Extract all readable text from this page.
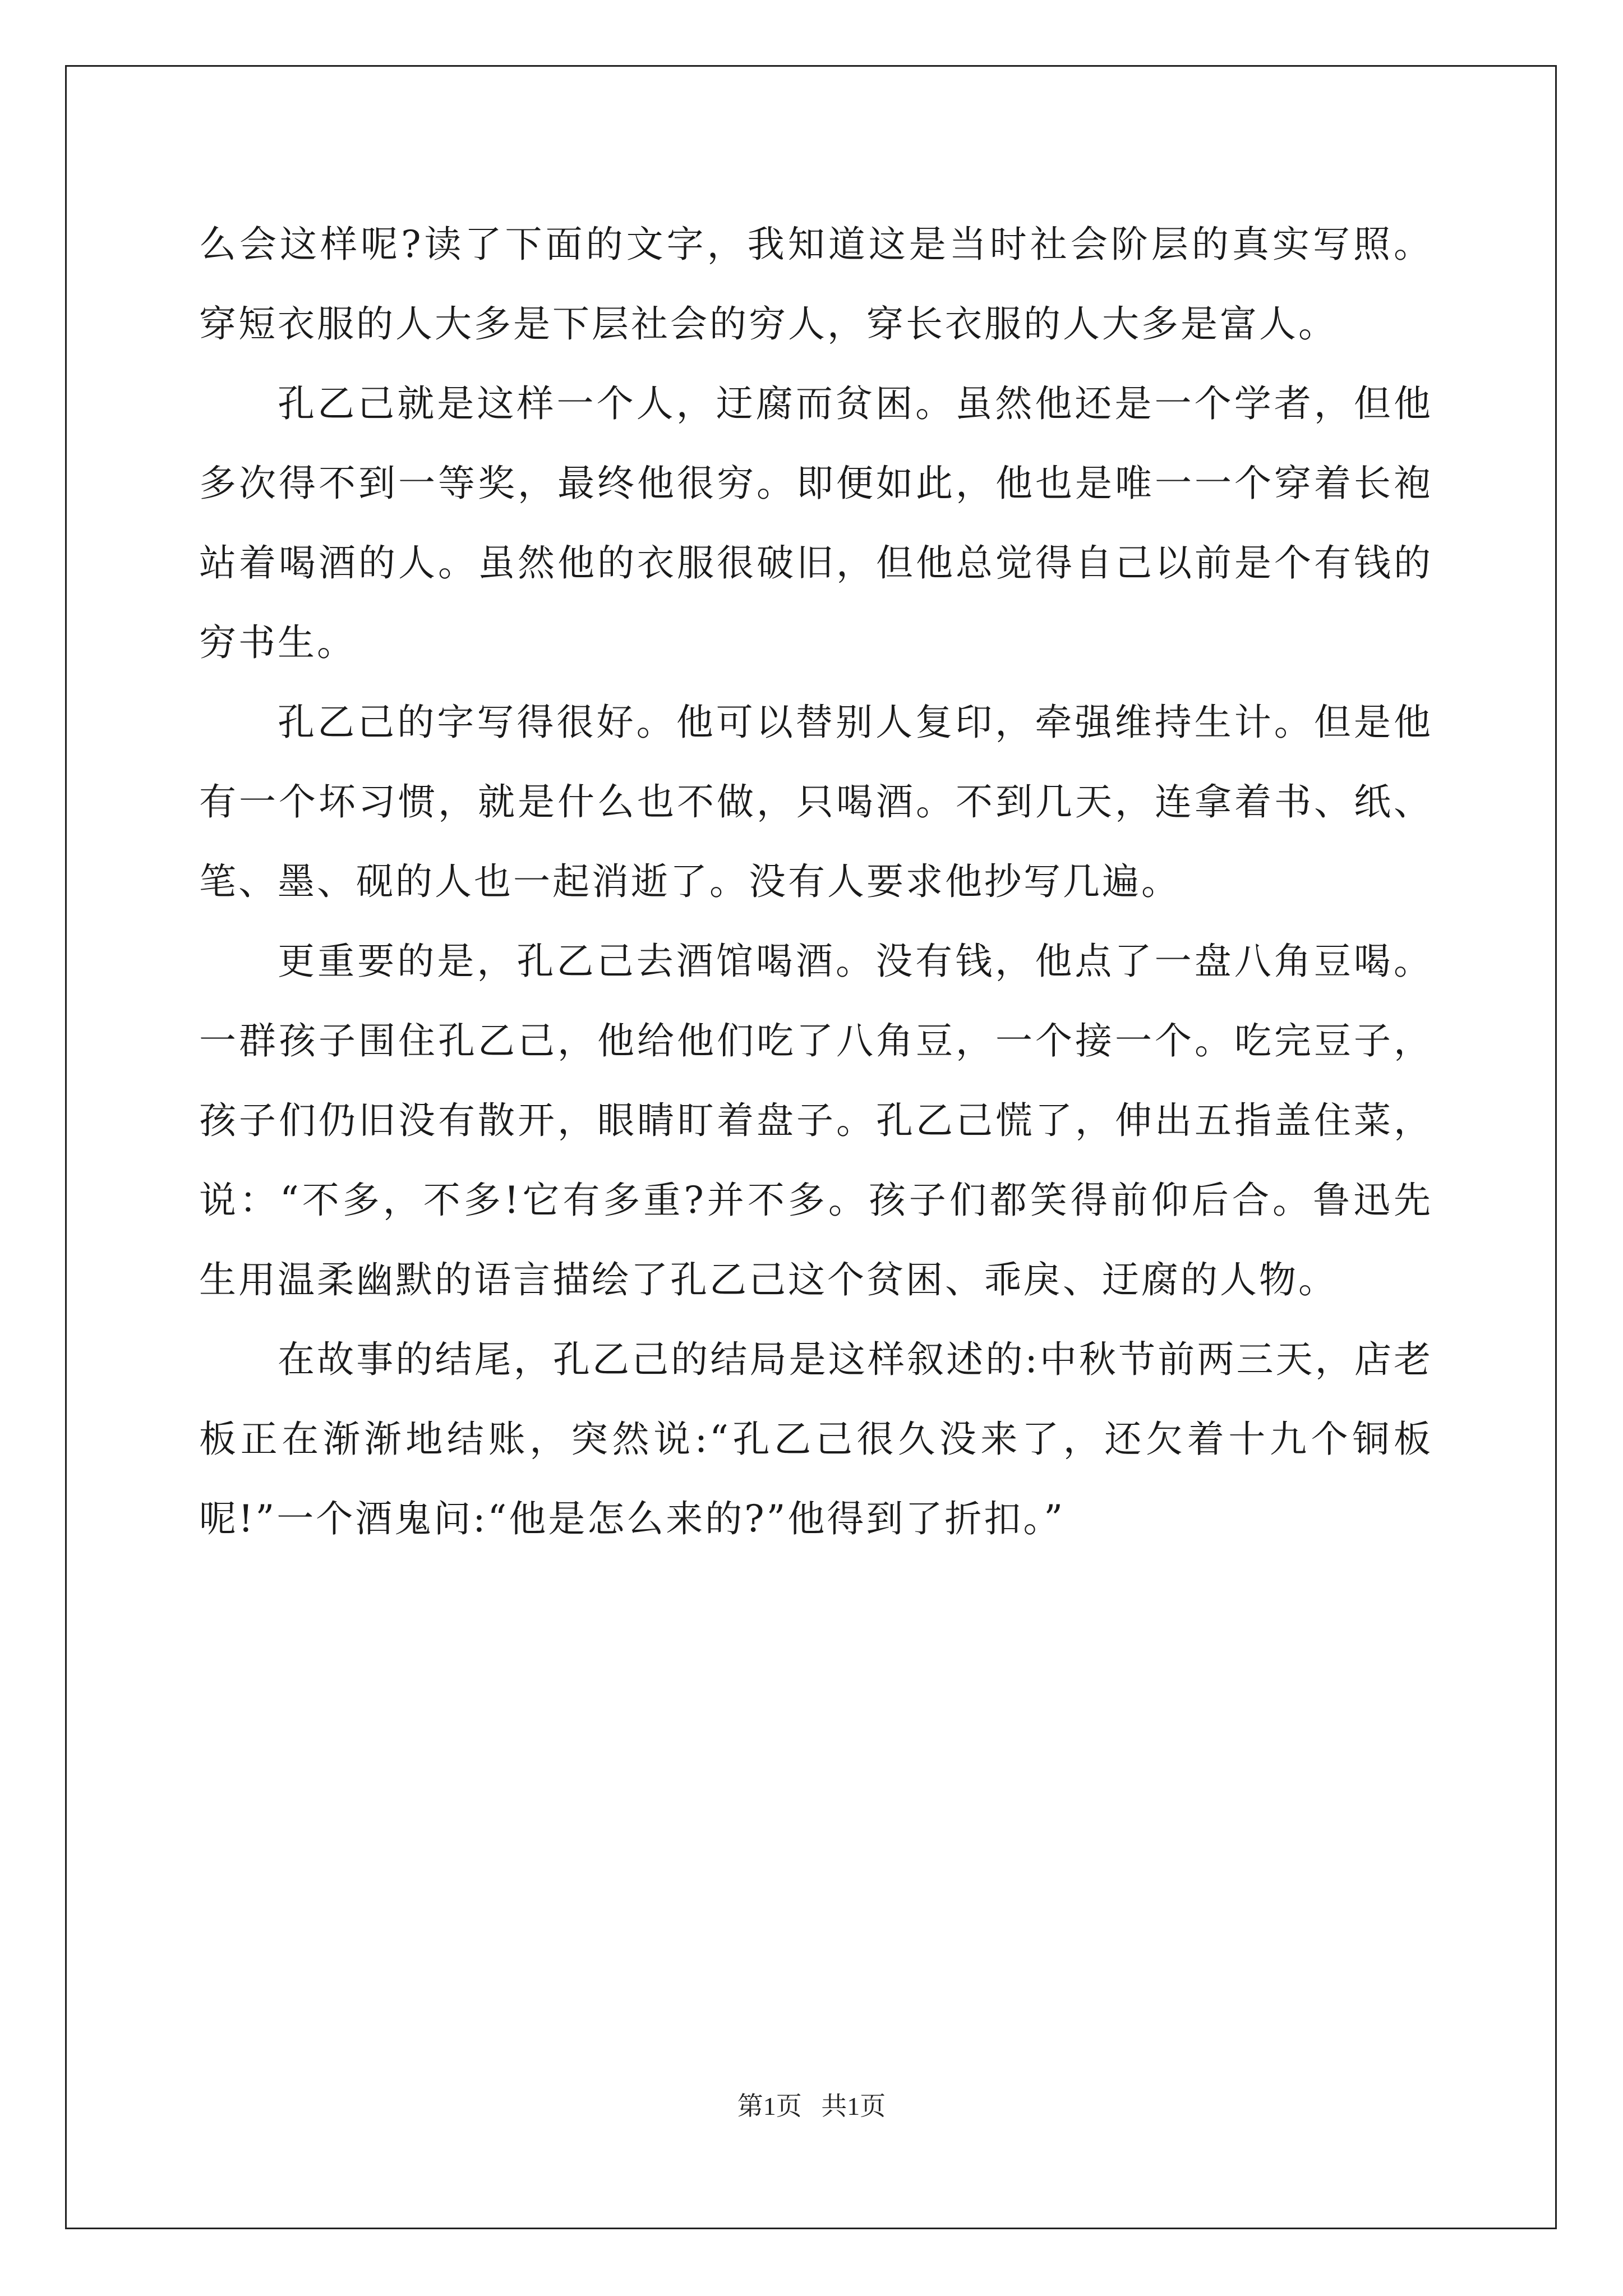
么会这样呢?读了下面的文字，我知道这是当时社会阶层的真实写照。穿短衣服的人大多是下层社会的穷人，穿长衣服的人大多是富人。

孔乙己就是这样一个人，迂腐而贫困。虽然他还是一个学者，但他多次得不到一等奖，最终他很穷。即便如此，他也是唯一一个穿着长袍站着喝酒的人。虽然他的衣服很破旧，但他总觉得自己以前是个有钱的穷书生。

孔乙己的字写得很好。他可以替别人复印，牵强维持生计。但是他有一个坏习惯，就是什么也不做，只喝酒。不到几天，连拿着书、纸、笔、墨、砚的人也一起消逝了。没有人要求他抄写几遍。

更重要的是，孔乙己去酒馆喝酒。没有钱，他点了一盘八角豆喝。一群孩子围住孔乙己，他给他们吃了八角豆，一个接一个。吃完豆子，孩子们仍旧没有散开，眼睛盯着盘子。孔乙己慌了，伸出五指盖住菜，说：“不多，不多!它有多重?并不多。孩子们都笑得前仰后合。鲁迅先生用温柔幽默的语言描绘了孔乙己这个贫困、乖戾、迂腐的人物。

在故事的结尾，孔乙己的结局是这样叙述的:中秋节前两三天，店老板正在渐渐地结账，突然说:“孔乙己很久没来了，还欠着十九个铜板呢!”一个酒鬼问:“他是怎么来的?”他得到了折扣。”

第1页 共1页
